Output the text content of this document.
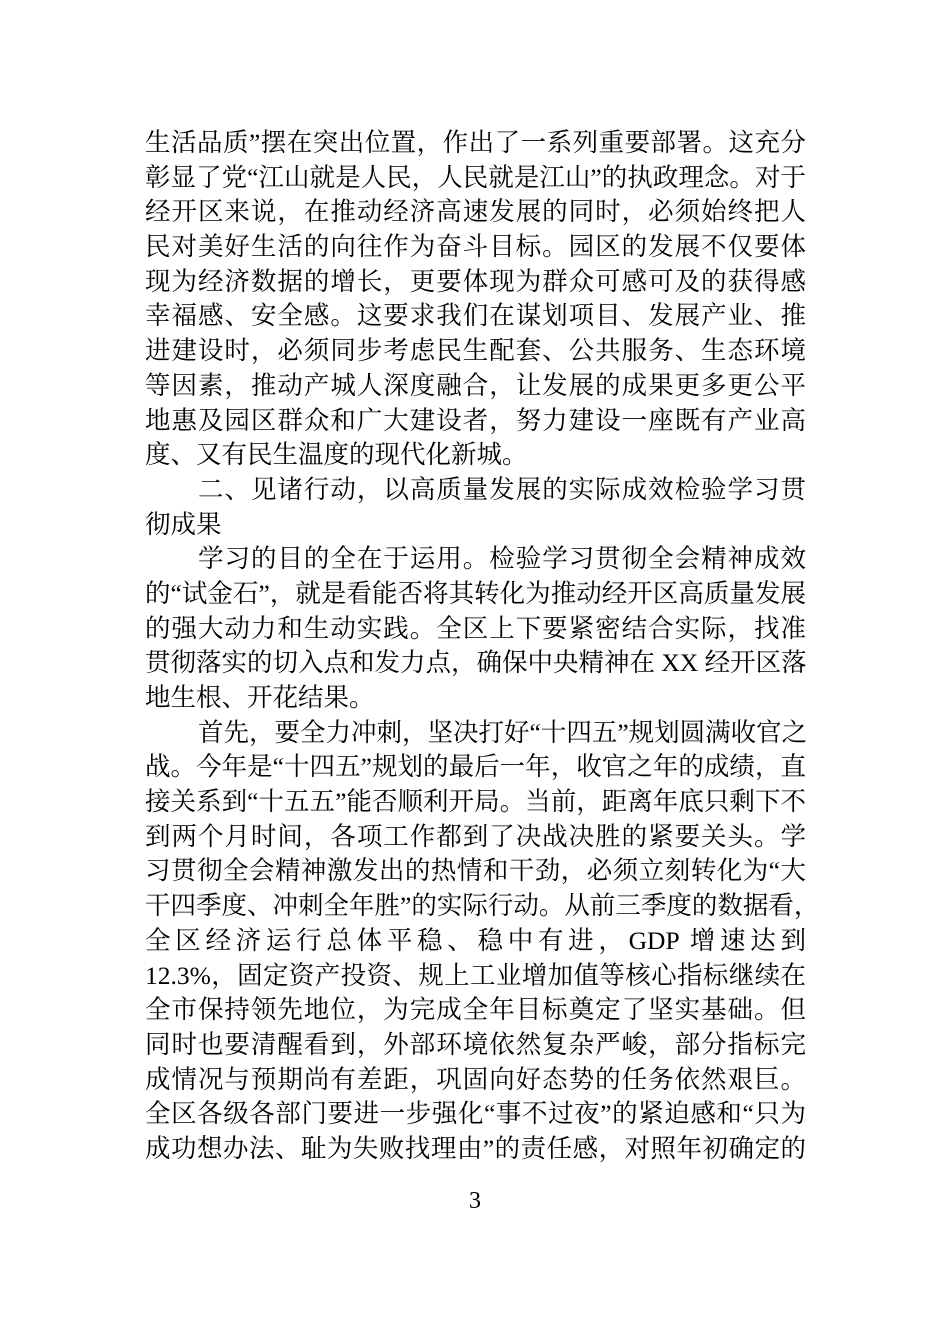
生活品质”摆在突出位置，作出了一系列重要部署。这充分
彰显了党“江山就是人民，人民就是江山”的执政理念。对于
经开区来说，在推动经济高速发展的同时，必须始终把人
民对美好生活的向往作为奋斗目标。园区的发展不仅要体
现为经济数据的增长，更要体现为群众可感可及的获得感
幸福感、安全感。这要求我们在谋划项目、发展产业、推
进建设时，必须同步考虑民生配套、公共服务、生态环境
等因素，推动产城人深度融合，让发展的成果更多更公平
地惠及园区群众和广大建设者，努力建设一座既有产业高
度、又有民生温度的现代化新城。
二、见诸行动，以高质量发展的实际成效检验学习贯
彻成果
学习的目的全在于运用。检验学习贯彻全会精神成效
的“试金石”，就是看能否将其转化为推动经开区高质量发展
的强大动力和生动实践。全区上下要紧密结合实际，找准
贯彻落实的切入点和发力点，确保中央精神在 XX 经开区落
地生根、开花结果。
首先，要全力冲刺，坚决打好“十四五”规划圆满收官之
战。今年是“十四五”规划的最后一年，收官之年的成绩，直
接关系到“十五五”能否顺利开局。当前，距离年底只剩下不
到两个月时间，各项工作都到了决战决胜的紧要关头。学
习贯彻全会精神激发出的热情和干劲，必须立刻转化为“大
干四季度、冲刺全年胜”的实际行动。从前三季度的数据看，
全区经济运行总体平稳、稳中有进，GDP 增速达到
12.3%，固定资产投资、规上工业增加值等核心指标继续在
全市保持领先地位，为完成全年目标奠定了坚实基础。但
同时也要清醒看到，外部环境依然复杂严峻，部分指标完
成情况与预期尚有差距，巩固向好态势的任务依然艰巨。
全区各级各部门要进一步强化“事不过夜”的紧迫感和“只为
成功想办法、耻为失败找理由”的责任感，对照年初确定的
3
